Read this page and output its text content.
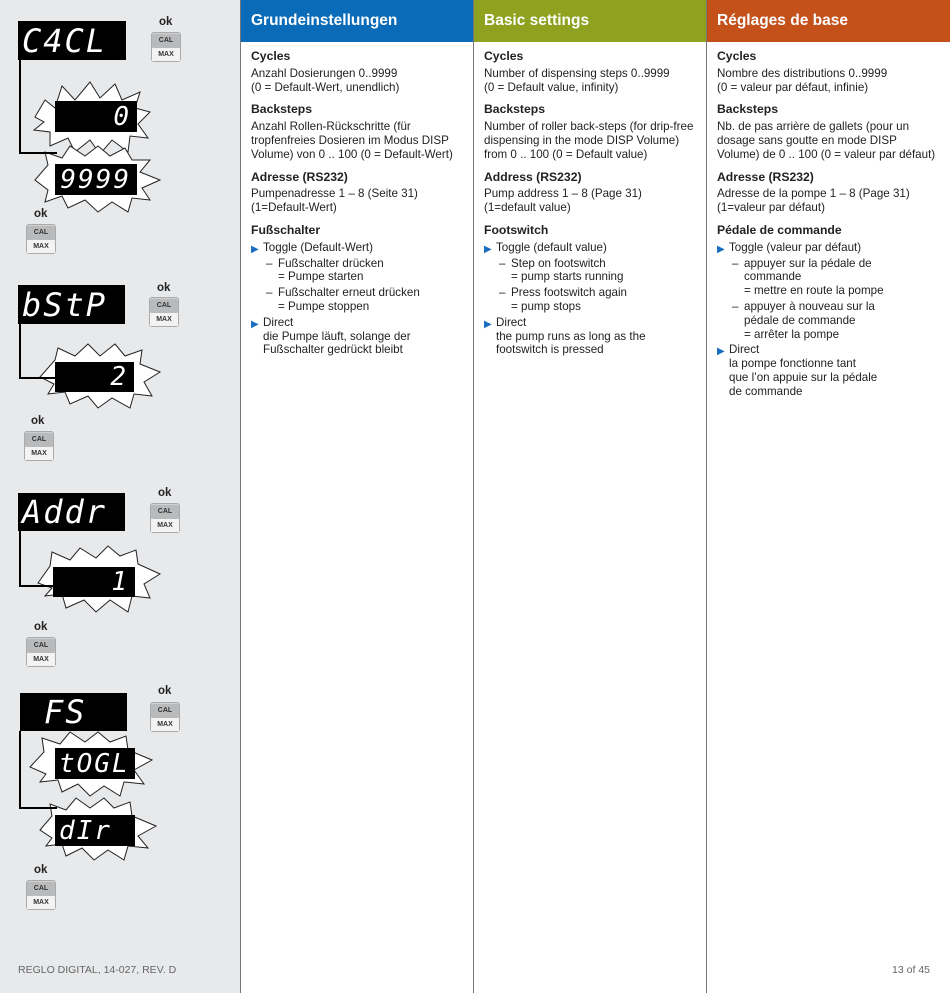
C4CL	ok
CAL
MAX
0
9999
ok
CAL
MAX
bStP	ok
CAL
MAX
2
ok
CAL
MAX
Addr	ok
CAL
MAX
1
ok
CAL
MAX
FS
ok
CAL
MAX
tOGL
dIr
ok
CAL
MAX
REGLO DIGITAL, 14-027, REV. D
Grundeinstellungen
Cycles
Anzahl Dosierungen 0..9999
(0 = Default-Wert, unendlich)
Backsteps
Anzahl Rollen-Rückschritte (für
tropfenfreies Dosieren im Modus DISP
Volume) von 0 .. 100 (0 = Default-Wert)
Adresse (RS232)
Pumpenadresse 1 – 8 (Seite 31)
(1=Default-Wert)
Fußschalter
▶ Toggle (Default-Wert)
– Fußschalter drücken
= Pumpe starten
– Fußschalter erneut drücken
= Pumpe stoppen
▶ Direct
die Pumpe läuft, solange der
Fußschalter gedrückt bleibt
Basic settings
Cycles
Number of dispensing steps 0..9999
(0 = Default value, infinity)
Backsteps
Number of roller back-steps (for drip-free
dispensing in the mode DISP Volume)
from 0 .. 100 (0 = Default value)
Address (RS232)
Pump address 1 – 8 (Page 31)
(1=default value)
Footswitch
▶ Toggle (default value)
– Step on footswitch
= pump starts running
– Press footswitch again
= pump stops
▶ Direct
the pump runs as long as the
footswitch is pressed
Réglages de base
Cycles
Nombre des distributions 0..9999
(0 = valeur par défaut, infinie)
Backsteps
Nb. de pas arrière de gallets (pour un
dosage sans goutte en mode DISP
Volume) de 0 .. 100 (0 = valeur par défaut)
Adresse (RS232)
Adresse de la pompe 1 – 8 (Page 31)
(1=valeur par défaut)
Pédale de commande
▶ Toggle (valeur par défaut)
– appuyer sur la pédale de
commande
= mettre en route la pompe
– appuyer à nouveau sur la
pédale de commande
= arrêter la pompe
▶ Direct
la pompe fonctionne tant
que l’on appuie sur la pédale
de commande
13 of 45
